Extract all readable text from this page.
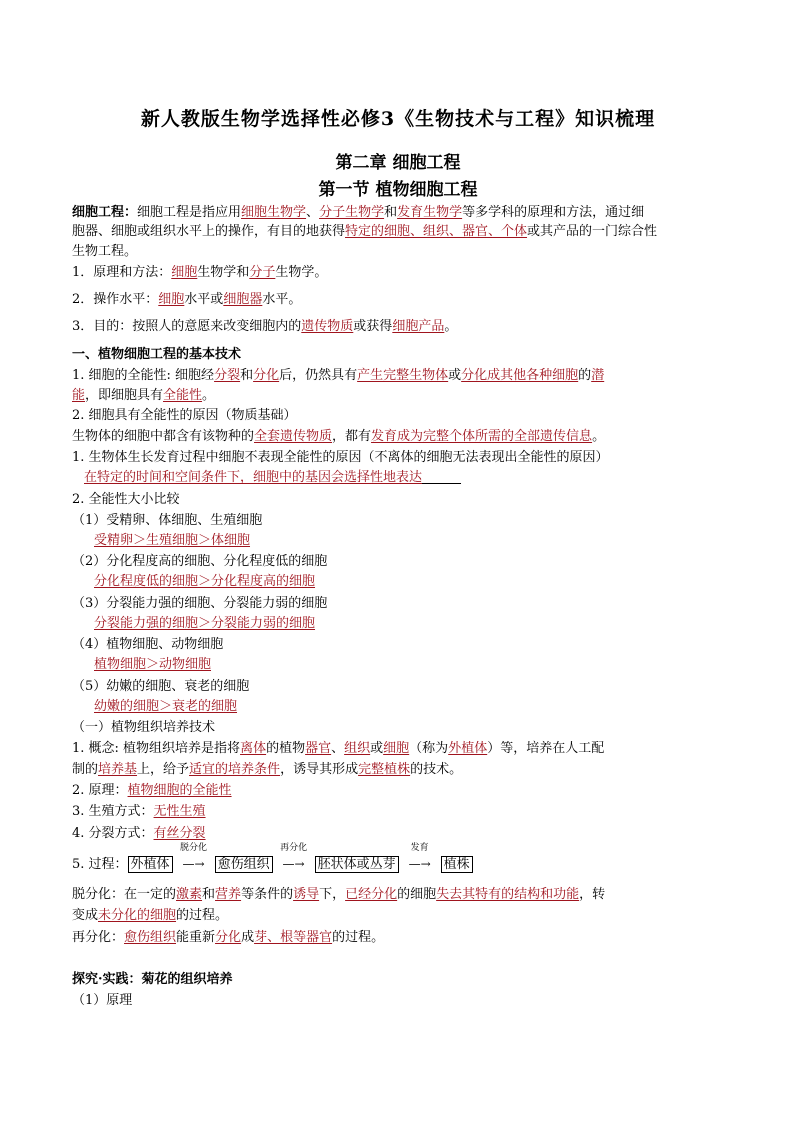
新人教版生物学选择性必修3《生物技术与工程》知识梳理
第二章 细胞工程
第一节 植物细胞工程
细胞工程：细胞工程是指应用细胞生物学、分子生物学和发育生物学等多学科的原理和方法，通过细
胞器、细胞或组织水平上的操作，有目的地获得特定的细胞、组织、器官、个体或其产品的一门综合性
生物工程。
1．原理和方法：细胞生物学和分子生物学。
2．操作水平：细胞水平或细胞器水平。
3．目的：按照人的意愿来改变细胞内的遗传物质或获得细胞产品。
一、植物细胞工程的基本技术
1. 细胞的全能性: 细胞经分裂和分化后，仍然具有产生完整生物体或分化成其他各种细胞的潜
能，即细胞具有全能性。
2. 细胞具有全能性的原因（物质基础）
生物体的细胞中都含有该物种的全套遗传物质，都有发育成为完整个体所需的全部遗传信息。
1. 生物体生长发育过程中细胞不表现全能性的原因（不离体的细胞无法表现出全能性的原因）
在特定的时间和空间条件下，细胞中的基因会选择性地表达   
2. 全能性大小比较
（1）受精卵、体细胞、生殖细胞
受精卵＞生殖细胞＞体细胞
（2）分化程度高的细胞、分化程度低的细胞
分化程度低的细胞＞分化程度高的细胞
（3）分裂能力强的细胞、分裂能力弱的细胞
分裂能力强的细胞＞分裂能力弱的细胞
（4）植物细胞、动物细胞
植物细胞＞动物细胞
（5）幼嫩的细胞、衰老的细胞
幼嫩的细胞＞衰老的细胞
（一）植物组织培养技术
1. 概念: 植物组织培养是指将离体的植物器官、组织或细胞（称为外植体）等，培养在人工配
制的培养基上，给予适宜的培养条件，诱导其形成完整植株的技术。
2. 原理：植物细胞的全能性
3. 生殖方式：无性生殖
4. 分裂方式：有丝分裂
5. 过程： 外植体
脱分化
—→ 愈伤组织
再分化
—→ 胚状体或丛芽
发育
—→ 植株
脱分化：在一定的激素和营养等条件的诱导下，已经分化的细胞失去其特有的结构和功能，转
变成未分化的细胞的过程。
再分化：愈伤组织能重新分化成芽、根等器官的过程。
探究·实践：菊花的组织培养
（1）原理
